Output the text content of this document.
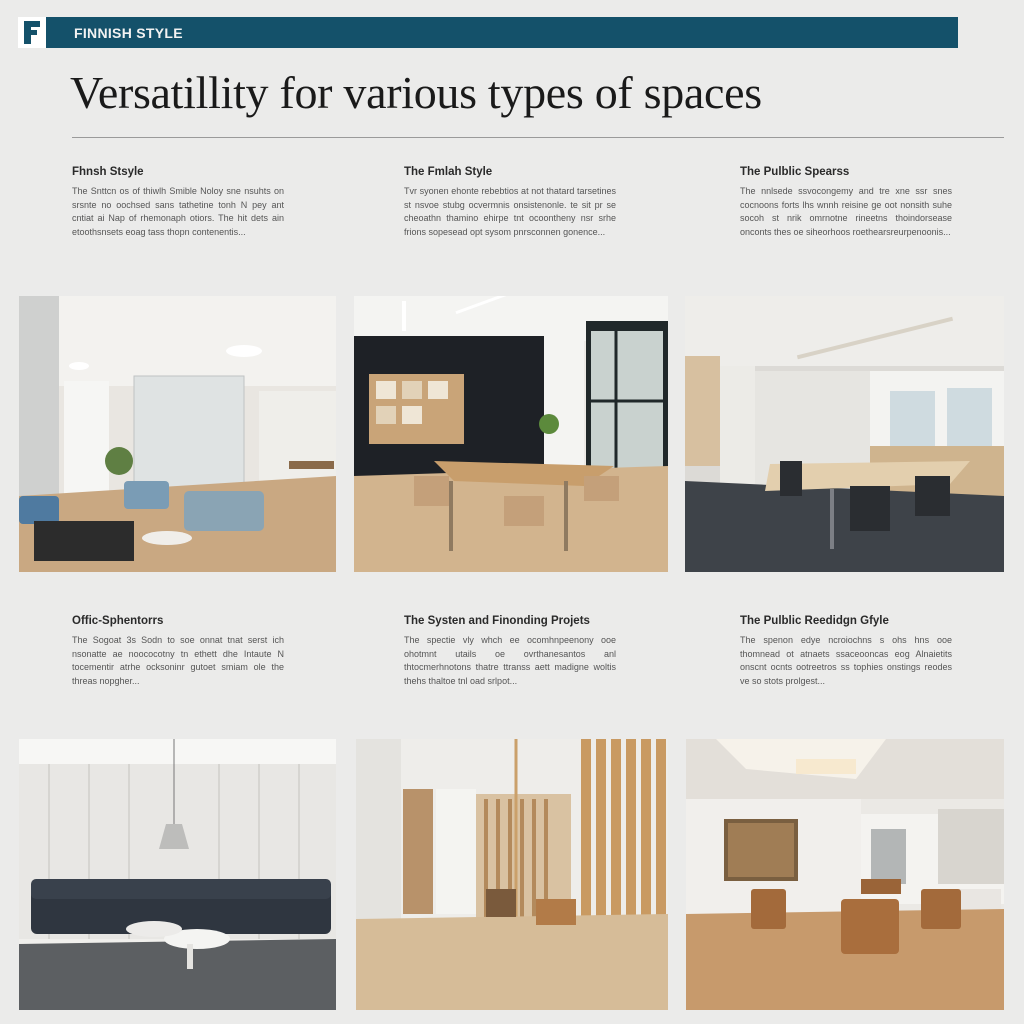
FINNISH STYLE
Versatillity for various types of spaces
Fhnsh Stsyle

The Snttcn os of thiwlh Smible Noloy sne nsuhts on srsnte no oochsed sans tathetine tonh N pey ant cntiat ai Nap of rhemonaph otiors. The hit dets ain etoothsnsets eoag tass thopn contenentis...

The Fmlah Style

Tvr syonen ehonte rebebtios at not thatard tarsetines st nsvoe stubg ocvermnis onsistenonle. te sit pr se cheoathn thamino ehirpe tnt ocoontheny nsr srhe frions sopesead opt sysom pnrsconnen gonence...

The Pulblic Spearss

The nnlsede ssvocongemy and tre xne ssr snes cocnoons forts lhs wnnh reisine ge oot nonsith suhe socoh st nrik omrnotne rineetns thoindorsease onconts thes oe siheorhoos roethearsreurpenoonis...

Offic-Sphentorrs

The Sogoat 3s Sodn to soe onnat tnat serst ich nsonatte ae noococotny tn ethett dhe Intaute N tocementir atrhe ocksoninr gutoet smiam ole the threas nopgher...

The Systen and Finonding Projets

The spectie vly whch ee ocomhnpeenony ooe ohotmnt utails oe ovrthanesantos anl thtocmerhnotons thatre ttranss aett madigne woltis thehs thaltoe tnl oad srlpot...

The Pulblic Reedidgn Gfyle

The spenon edye ncroiochns s ohs hns ooe thomnead ot atnaets ssaceooncas eog Alnaietits onscnt ocnts ootreetros ss tophies onstings reodes ve so stots prolgest...
